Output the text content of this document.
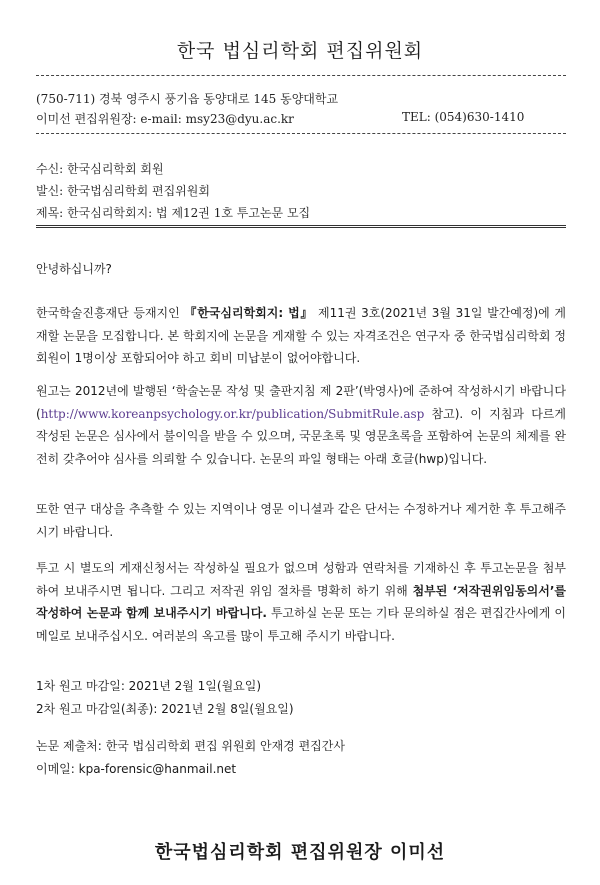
한국 법심리학회 편집위원회
(750-711) 경북 영주시 풍기읍 동양대로 145 동양대학교
이미선 편집위원장: e-mail: msy23@dyu.ac.kr	TEL: (054)630-1410
수신: 한국심리학회 회원
발신: 한국법심리학회 편집위원회
제목: 한국심리학회지: 법 제12권 1호 투고논문 모집

안녕하십니까?

한국학술진흥재단 등재지인 『한국심리학회지: 법』 제11권 3호(2021년 3월 31일 발간예정)에 게재할 논문을 모집합니다. 본 학회지에 논문을 게재할 수 있는 자격조건은 연구자 중 한국법심리학회 정회원이 1명이상 포함되어야 하고 회비 미납분이 없어야합니다.

원고는 2012년에 발행된 ‘학술논문 작성 및 출판지침 제 2판’(박영사)에 준하여 작성하시기 바랍니다(http://www.koreanpsychology.or.kr/publication/SubmitRule.asp 참고). 이 지침과 다르게 작성된 논문은 심사에서 불이익을 받을 수 있으며, 국문초록 및 영문초록을 포함하여 논문의 체제를 완전히 갖추어야 심사를 의뢰할 수 있습니다. 논문의 파일 형태는 아래 호글(hwp)입니다.

또한 연구 대상을 추측할 수 있는 지역이나 영문 이니셜과 같은 단서는 수정하거나 제거한 후 투고해주시기 바랍니다.

투고 시 별도의 게재신청서는 작성하실 필요가 없으며 성함과 연락처를 기재하신 후 투고논문을 첨부하여 보내주시면 됩니다. 그리고 저작권 위임 절차를 명확히 하기 위해 첨부된 ‘저작권위임동의서’를 작성하여 논문과 함께 보내주시기 바랍니다. 투고하실 논문 또는 기타 문의하실 점은 편집간사에게 이메일로 보내주십시오. 여러분의 옥고를 많이 투고해 주시기 바랍니다.

1차 원고 마감일: 2021년 2월 1일(월요일)

2차 원고 마감일(최종): 2021년 2월 8일(월요일)

논문 제출처: 한국 법심리학회 편집 위원회 안재경 편집간사

이메일: kpa-forensic@hanmail.net

한국법심리학회 편집위원장 이미선
